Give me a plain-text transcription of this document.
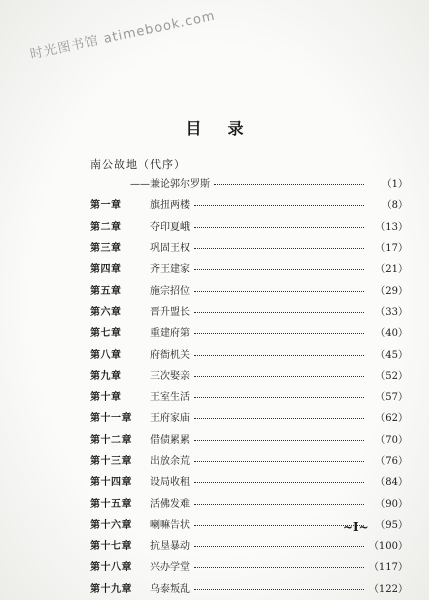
时光图书馆 atimebook.com
目录
南公故地（代序）
——兼论郭尔罗斯	（1）
第一章	旗扭两楼	（8）
第二章	夺印夏峨	（13）
第三章	巩固王权	（17）
第四章	齐王建家	（21）
第五章	施宗招位	（29）
第六章	晋升盟长	（33）
第七章	重建府第	（40）
第八章	府衙机关	（45）
第九章	三次娶亲	（52）
第十章	王室生活	（57）
第十一章	王府家庙	（62）
第十二章	借债累累	（70）
第十三章	出放余荒	（76）
第十四章	设局收租	（84）
第十五章	活佛发难	（90）
第十六章	喇嘛告状	（95）
第十七章	抗垦暴动	（100）
第十八章	兴办学堂	（117）
第十九章	乌泰叛乱	（122）
~I~
